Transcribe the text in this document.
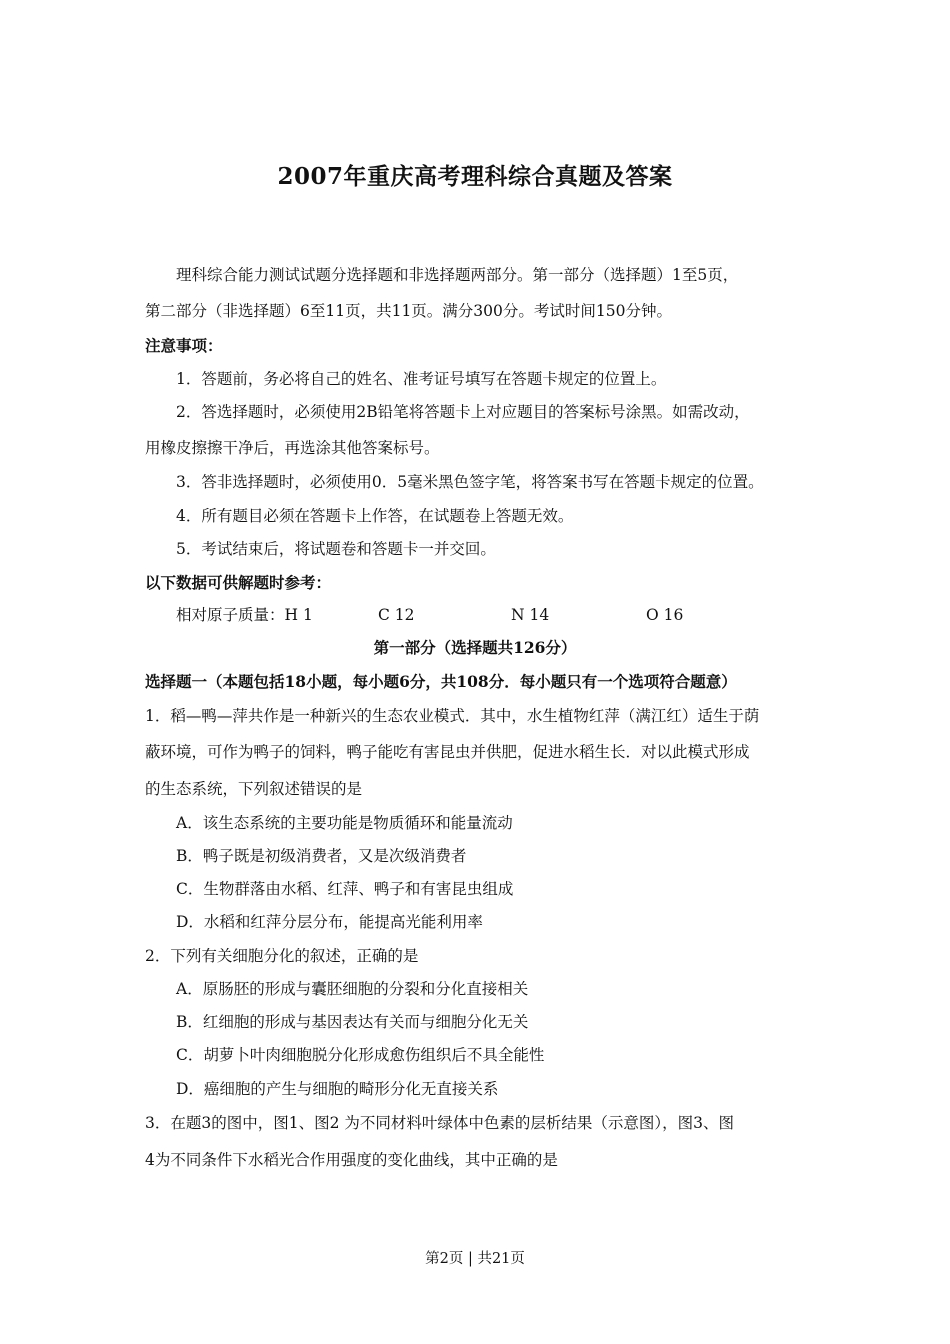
2007年重庆高考理科综合真题及答案
理科综合能力测试试题分选择题和非选择题两部分。第一部分（选择题）1至5页，
第二部分（非选择题）6至11页，共11页。满分300分。考试时间150分钟。
注意事项：
1．答题前，务必将自己的姓名、准考证号填写在答题卡规定的位置上。
2．答选择题时，必须使用2B铅笔将答题卡上对应题目的答案标号涂黑。如需改动，
用橡皮擦擦干净后，再选涂其他答案标号。
3．答非选择题时，必须使用0．5毫米黑色签字笔，将答案书写在答题卡规定的位置。
4．所有题目必须在答题卡上作答，在试题卷上答题无效。
5．考试结束后，将试题卷和答题卡一并交回。
以下数据可供解题时参考：
相对原子质量：H 1	C 12	N 14	O 16
第一部分（选择题共126分）
选择题一（本题包括18小题，每小题6分，共108分．每小题只有一个选项符合题意）
1．稻—鸭—萍共作是一种新兴的生态农业模式．其中，水生植物红萍（满江红）适生于荫
蔽环境，可作为鸭子的饲料，鸭子能吃有害昆虫并供肥，促进水稻生长．对以此模式形成
的生态系统，下列叙述错误的是
A．该生态系统的主要功能是物质循环和能量流动
B．鸭子既是初级消费者，又是次级消费者
C．生物群落由水稻、红萍、鸭子和有害昆虫组成
D．水稻和红萍分层分布，能提高光能利用率
2．下列有关细胞分化的叙述，正确的是
A．原肠胚的形成与囊胚细胞的分裂和分化直接相关
B．红细胞的形成与基因表达有关而与细胞分化无关
C．胡萝卜叶肉细胞脱分化形成愈伤组织后不具全能性
D．癌细胞的产生与细胞的畸形分化无直接关系
3．在题3的图中，图1、图2 为不同材料叶绿体中色素的层析结果（示意图），图3、图
4为不同条件下水稻光合作用强度的变化曲线，其中正确的是
第2页 | 共21页
